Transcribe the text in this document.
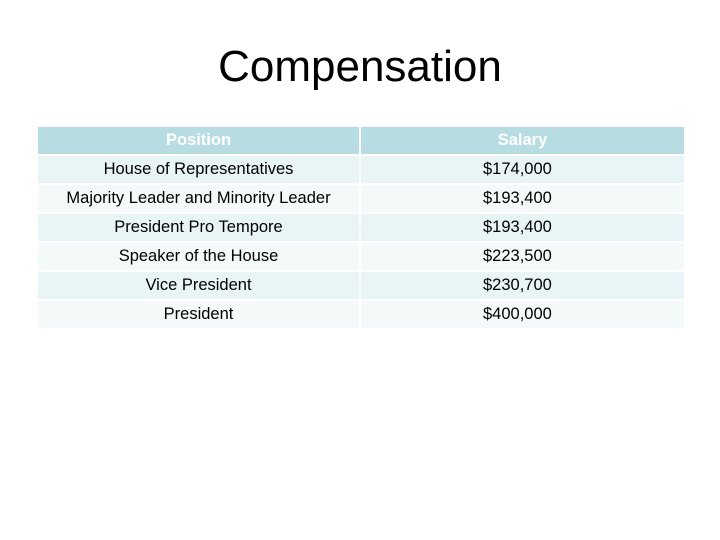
Compensation
Position	Salary
House of Representatives	$174,000
Majority Leader and Minority Leader	$193,400
President Pro Tempore	$193,400
Speaker of the House	$223,500
Vice President	$230,700
President	$400,000
